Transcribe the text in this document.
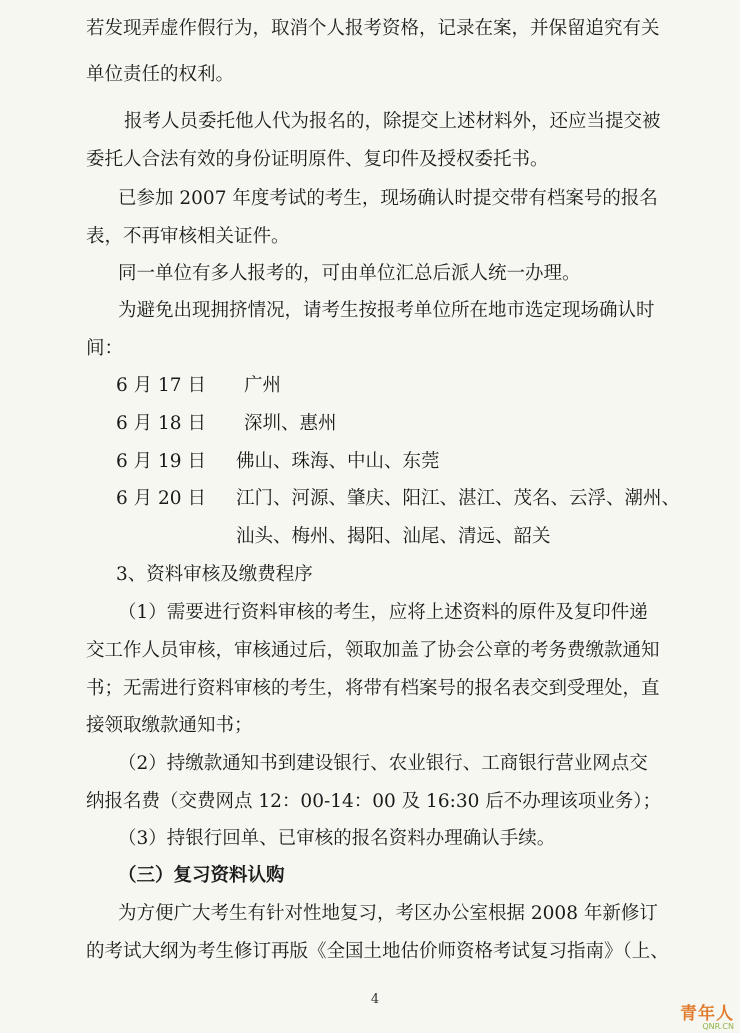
若发现弄虚作假行为，取消个人报考资格，记录在案，并保留追究有关
单位责任的权利。
报考人员委托他人代为报名的，除提交上述材料外，还应当提交被
委托人合法有效的身份证明原件、复印件及授权委托书。
已参加 2007 年度考试的考生，现场确认时提交带有档案号的报名
表，不再审核相关证件。
同一单位有多人报考的，可由单位汇总后派人统一办理。
为避免出现拥挤情况，请考生按报考单位所在地市选定现场确认时
间：
6 月 17 日 广州
6 月 18 日 深圳、惠州
6 月 19 日 佛山、珠海、中山、东莞
6 月 20 日 江门、河源、肇庆、阳江、湛江、茂名、云浮、潮州、
汕头、梅州、揭阳、汕尾、清远、韶关
3、资料审核及缴费程序
（1）需要进行资料审核的考生，应将上述资料的原件及复印件递
交工作人员审核，审核通过后，领取加盖了协会公章的考务费缴款通知
书；无需进行资料审核的考生，将带有档案号的报名表交到受理处，直
接领取缴款通知书；
（2）持缴款通知书到建设银行、农业银行、工商银行营业网点交
纳报名费（交费网点 12：00-14：00 及 16:30 后不办理该项业务）；
（3）持银行回单、已审核的报名资料办理确认手续。
（三）复习资料认购
为方便广大考生有针对性地复习，考区办公室根据 2008 年新修订
的考试大纲为考生修订再版《全国土地估价师资格考试复习指南》（上、
4
青年人
QNR.CN
